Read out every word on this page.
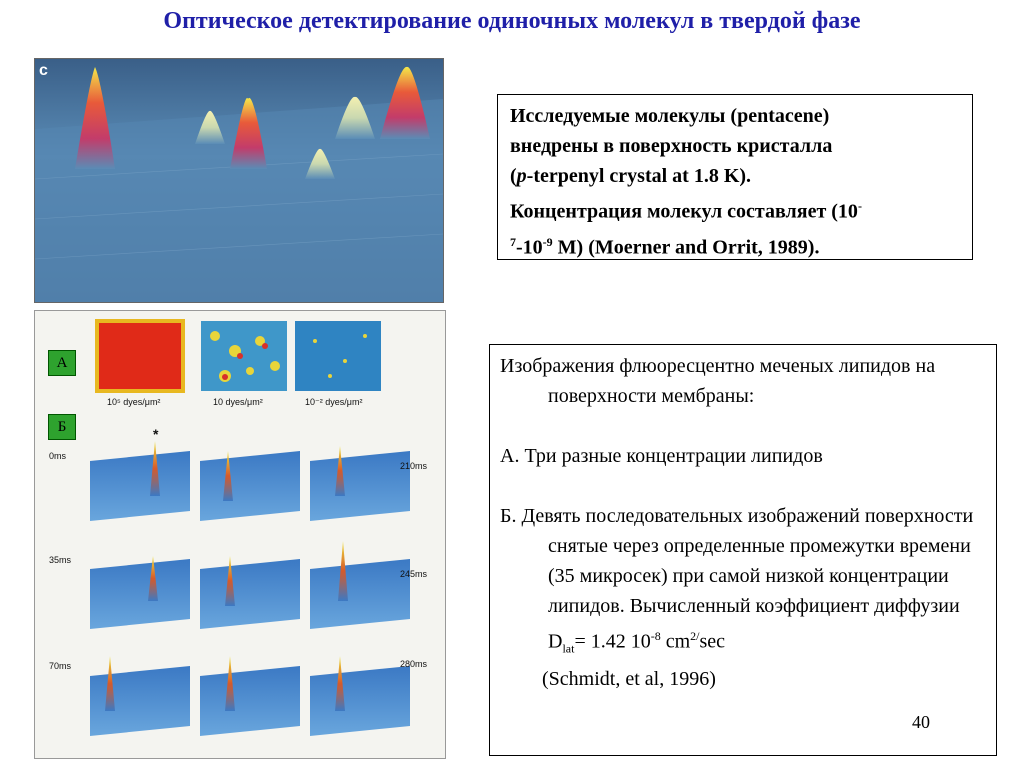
Оптическое детектирование одиночных молекул в твердой фазе
c
10⁵ dyes/μm²	10 dyes/μm²	10⁻² dyes/μm²
*
0ms
35ms
70ms
210ms
245ms
280ms
А
Б
Исследуемые молекулы (pentacene)
внедрены в поверхность кристалла
(p-terpenyl crystal at 1.8 K).
Концентрация молекул составляет (10-
$^7-10^{-9}$ M) (Moerner and Orrit, 1989).

Изображения флюоресцентно меченых липидов на поверхности мембраны:

А. Три разные концентрации липидов

Б. Девять последовательных изображений поверхности снятые через определенные промежутки времени (35 микросек) при самой низкой концентрации липидов. Вычисленный коэффициент диффузии $D_{lat}= 1.42$ $10^{-8}$ $cm^{2/}\sec$

(Schmidt, et al, 1996)
40
